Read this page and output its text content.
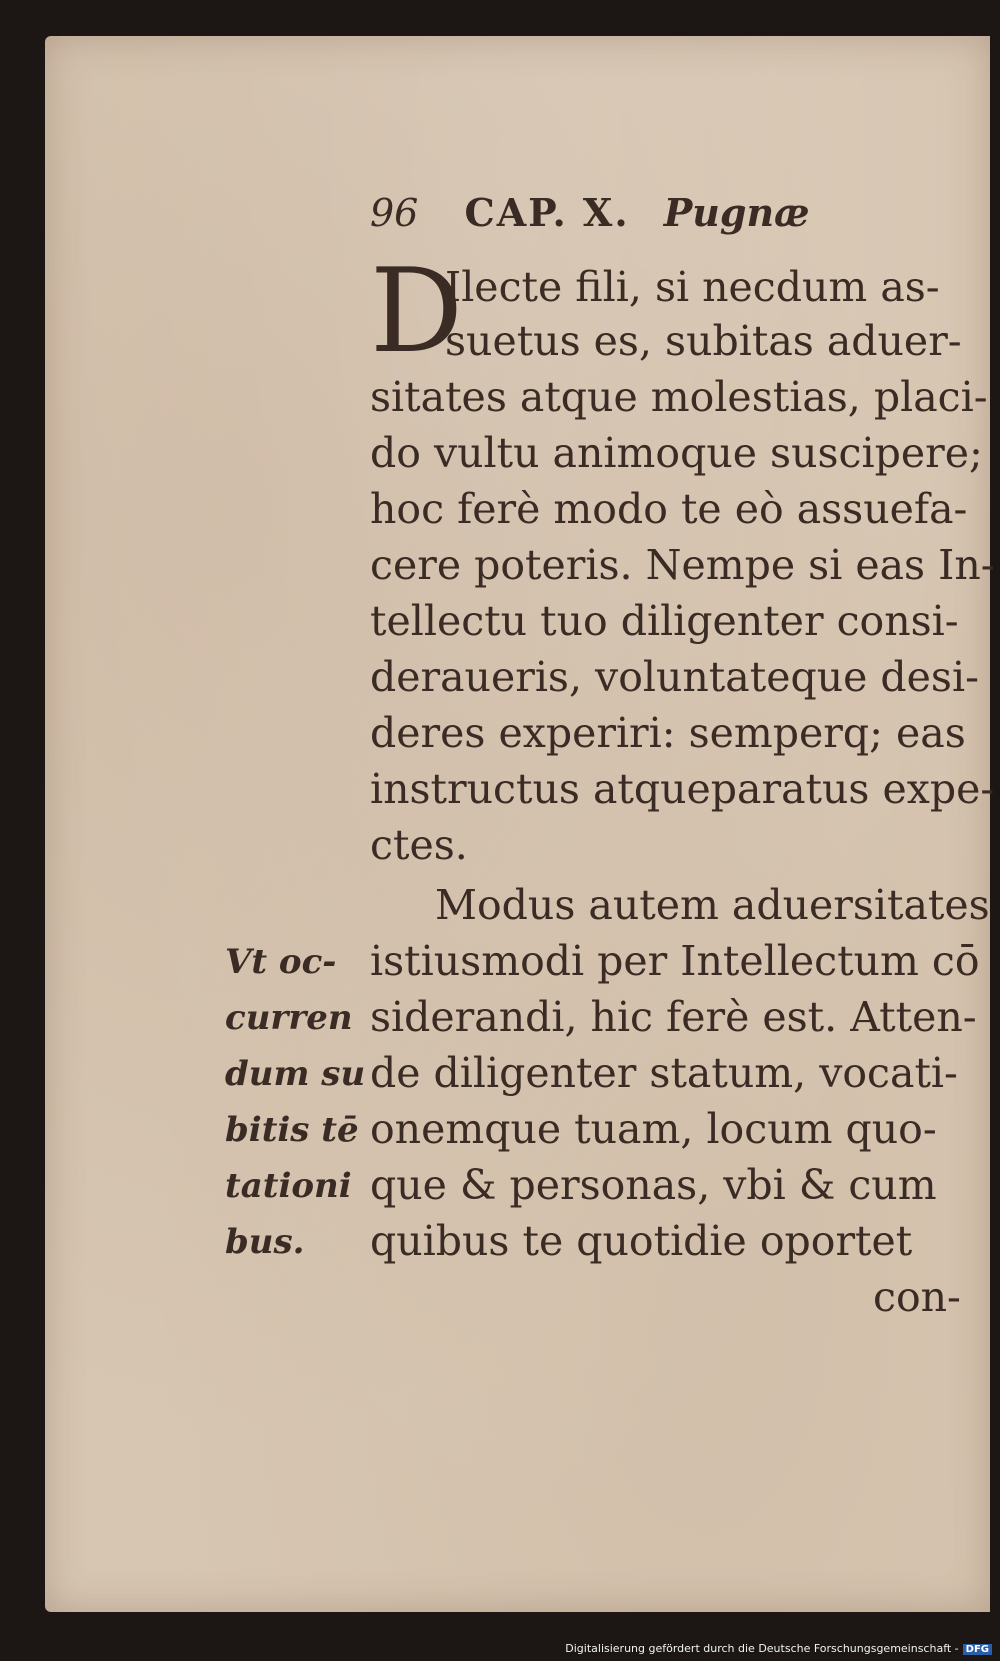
96 CAP. X. Pugnæ
D
Ilecte fili, si necdum as-
suetus es, subitas aduer-
sitates atque molestias, placi-
do vultu animoque suscipere;
hoc ferè modo te eò assuefa-
cere poteris. Nempe si eas In-
tellectu tuo diligenter consi-
deraueris, voluntateque desi-
deres experiri: semperq; eas
instructus atqueparatus expe-
ctes.
Modus autem aduersitates
istiusmodi per Intellectum cō
siderandi, hic ferè est. Atten-
de diligenter statum, vocati-
onemque tuam, locum quo-
que & personas, vbi & cum
quibus te quotidie oportet
con-
Vt oc-
curren
dum su
bitis tē
tationi
bus.
Digitalisierung gefördert durch die Deutsche Forschungsgemeinschaft - DFG
